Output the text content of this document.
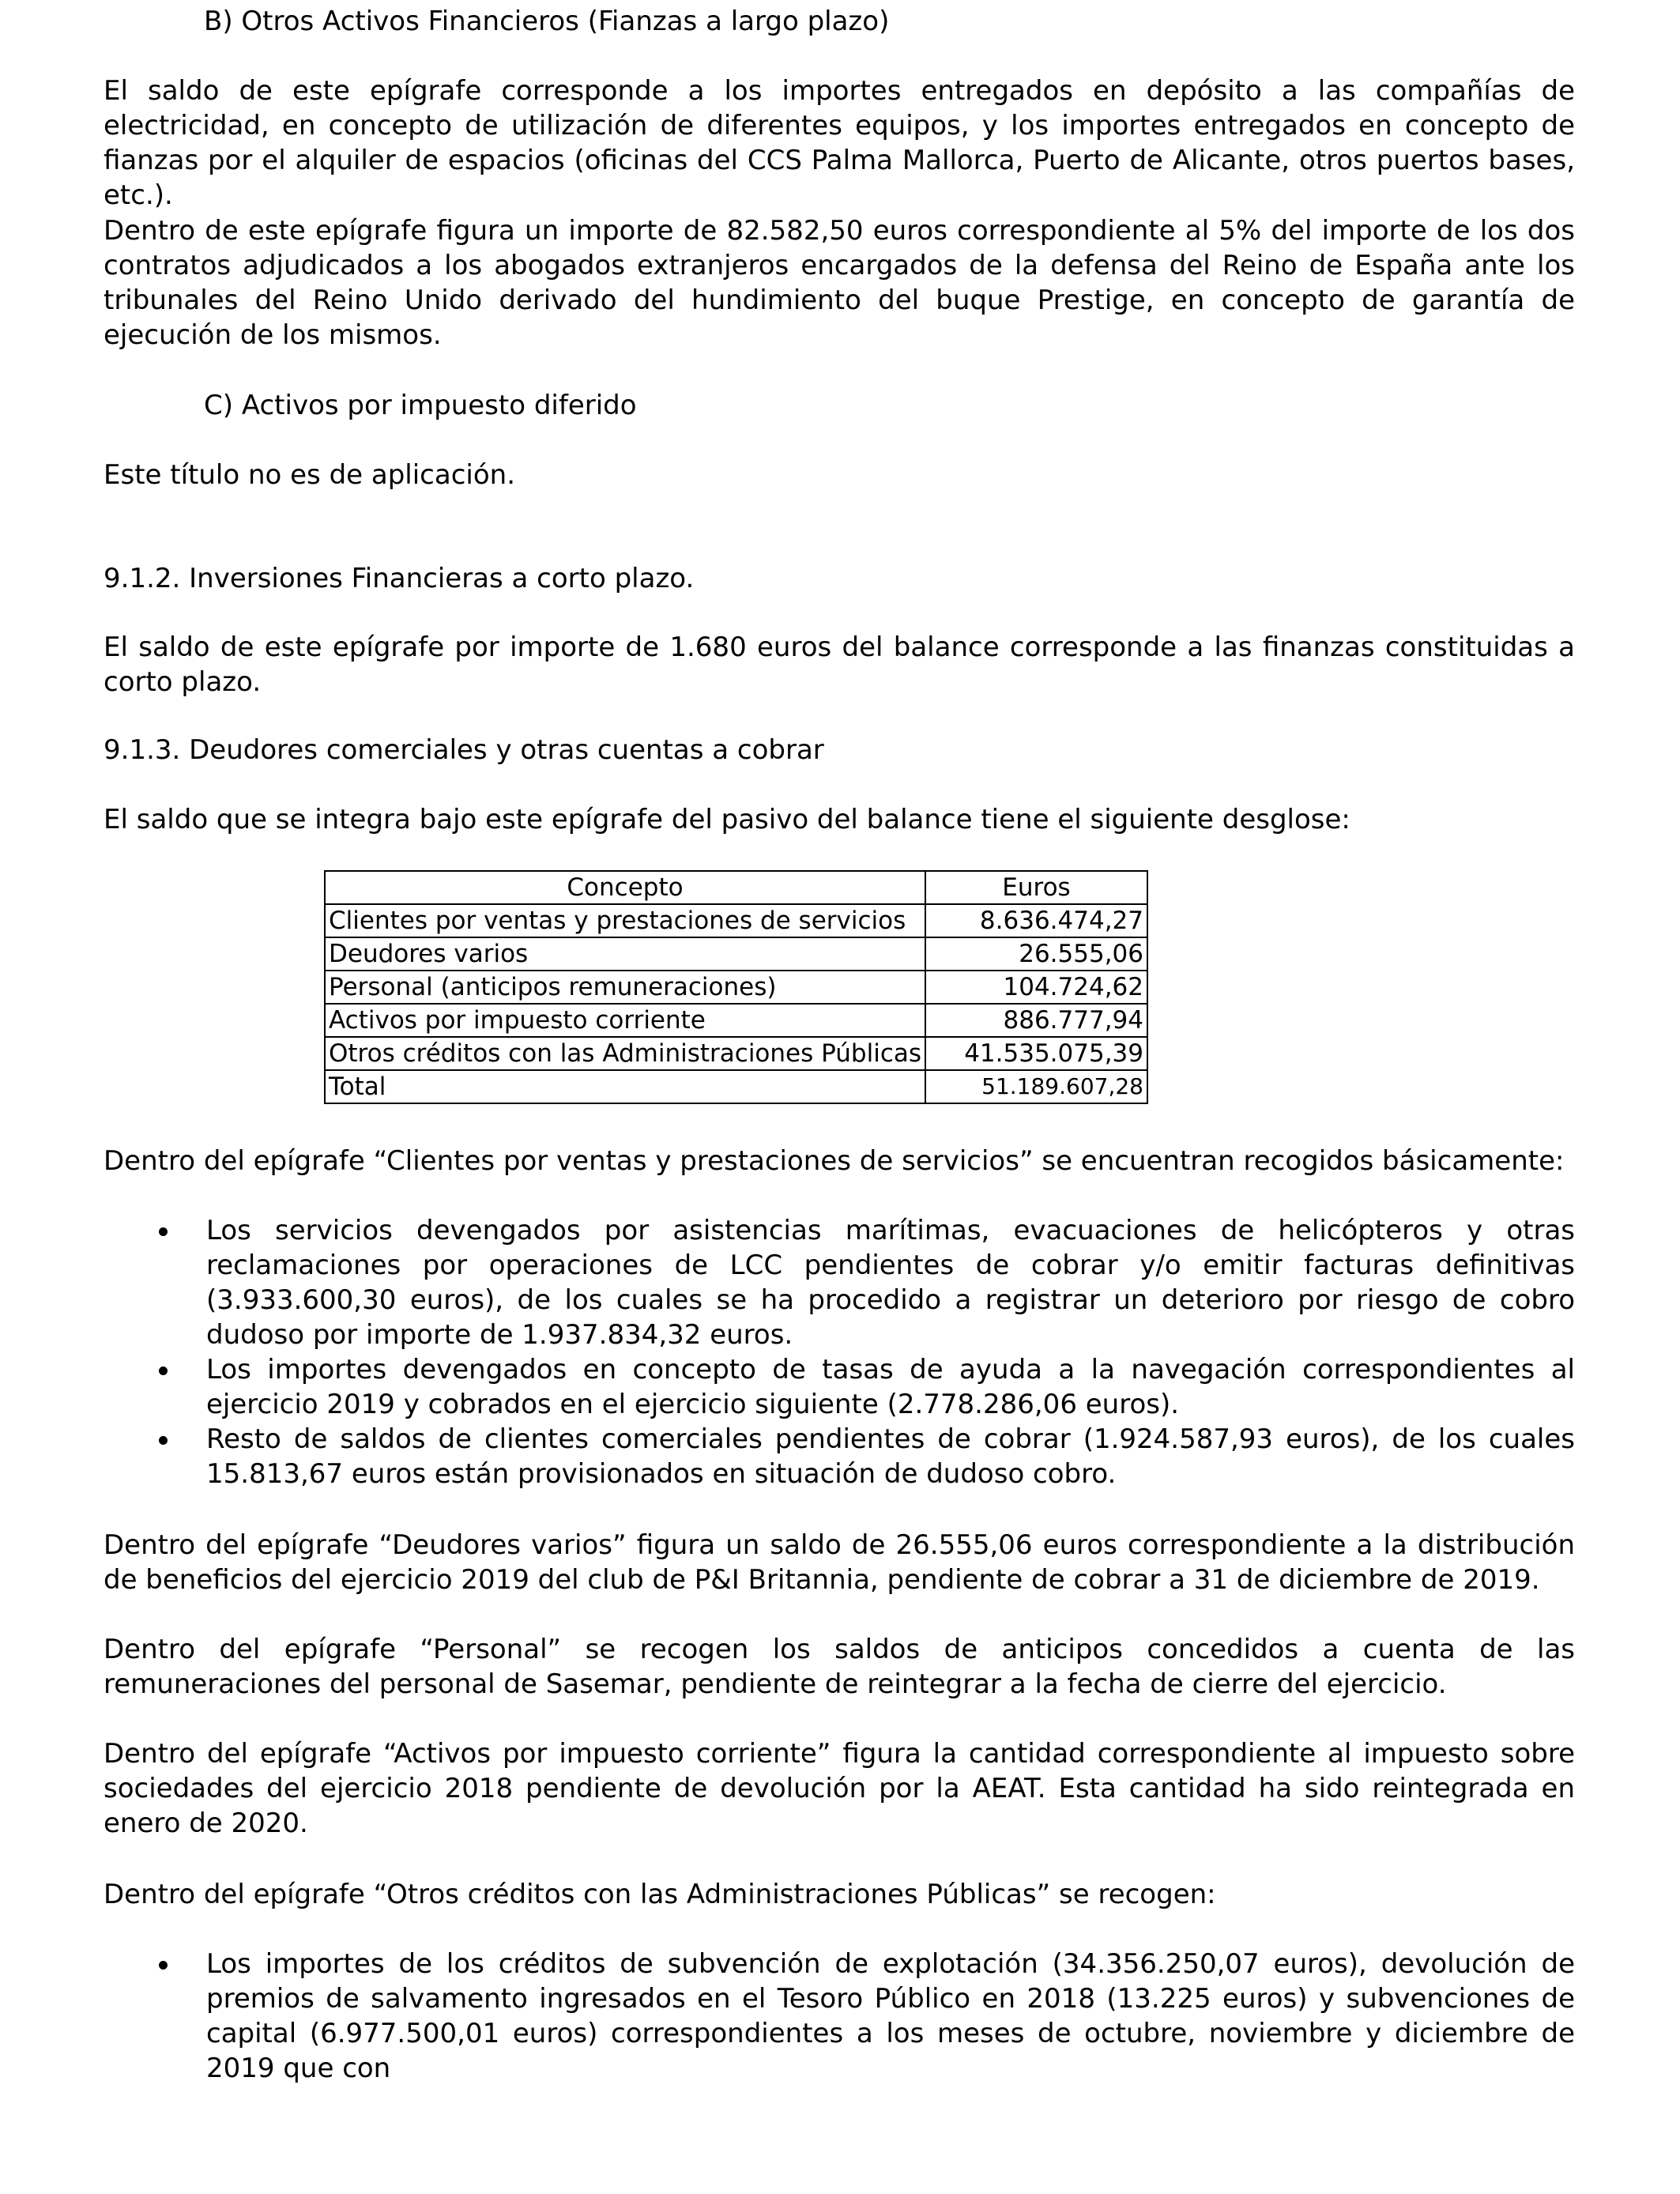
B) Otros Activos Financieros (Fianzas a largo plazo)

El saldo de este epígrafe corresponde a los importes entregados en depósito a las compañías de electricidad, en concepto de utilización de diferentes equipos, y los importes entregados en concepto de fianzas por el alquiler de espacios (oficinas del CCS Palma Mallorca, Puerto de Alicante, otros puertos bases, etc.).

Dentro de este epígrafe figura un importe de 82.582,50 euros correspondiente al 5% del importe de los dos contratos adjudicados a los abogados extranjeros encargados de la defensa del Reino de España ante los tribunales del Reino Unido derivado del hundimiento del buque Prestige, en concepto de garantía de ejecución de los mismos.

C) Activos por impuesto diferido

Este título no es de aplicación.

9.1.2. Inversiones Financieras a corto plazo.

El saldo de este epígrafe por importe de 1.680 euros del balance corresponde a las finanzas constituidas a corto plazo.

9.1.3. Deudores comerciales y otras cuentas a cobrar

El saldo que se integra bajo este epígrafe del pasivo del balance tiene el siguiente desglose:

Concepto	Euros
Clientes por ventas y prestaciones de servicios	8.636.474,27
Deudores varios	26.555,06
Personal (anticipos remuneraciones)	104.724,62
Activos por impuesto corriente	886.777,94
Otros créditos con las Administraciones Públicas	41.535.075,39
Total	51.189.607,28

Dentro del epígrafe “Clientes por ventas y prestaciones de servicios” se encuentran recogidos básicamente:

Los servicios devengados por asistencias marítimas, evacuaciones de helicópteros y otras reclamaciones por operaciones de LCC pendientes de cobrar y/o emitir facturas definitivas (3.933.600,30 euros), de los cuales se ha procedido a registrar un deterioro por riesgo de cobro dudoso por importe de 1.937.834,32 euros.
Los importes devengados en concepto de tasas de ayuda a la navegación correspondientes al ejercicio 2019 y cobrados en el ejercicio siguiente (2.778.286,06 euros).
Resto de saldos de clientes comerciales pendientes de cobrar (1.924.587,93 euros), de los cuales 15.813,67 euros están provisionados en situación de dudoso cobro.

Dentro del epígrafe “Deudores varios” figura un saldo de 26.555,06 euros correspondiente a la distribución de beneficios del ejercicio 2019 del club de P&I Britannia, pendiente de cobrar a 31 de diciembre de 2019.

Dentro del epígrafe “Personal” se recogen los saldos de anticipos concedidos a cuenta de las remuneraciones del personal de Sasemar, pendiente de reintegrar a la fecha de cierre del ejercicio.

Dentro del epígrafe “Activos por impuesto corriente” figura la cantidad correspondiente al impuesto sobre sociedades del ejercicio 2018 pendiente de devolución por la AEAT. Esta cantidad ha sido reintegrada en enero de 2020.

Dentro del epígrafe “Otros créditos con las Administraciones Públicas” se recogen:

Los importes de los créditos de subvención de explotación (34.356.250,07 euros), devolución de premios de salvamento ingresados en el Tesoro Público en 2018 (13.225 euros) y subvenciones de capital (6.977.500,01 euros) correspondientes a los meses de octubre, noviembre y diciembre de 2019 que con
